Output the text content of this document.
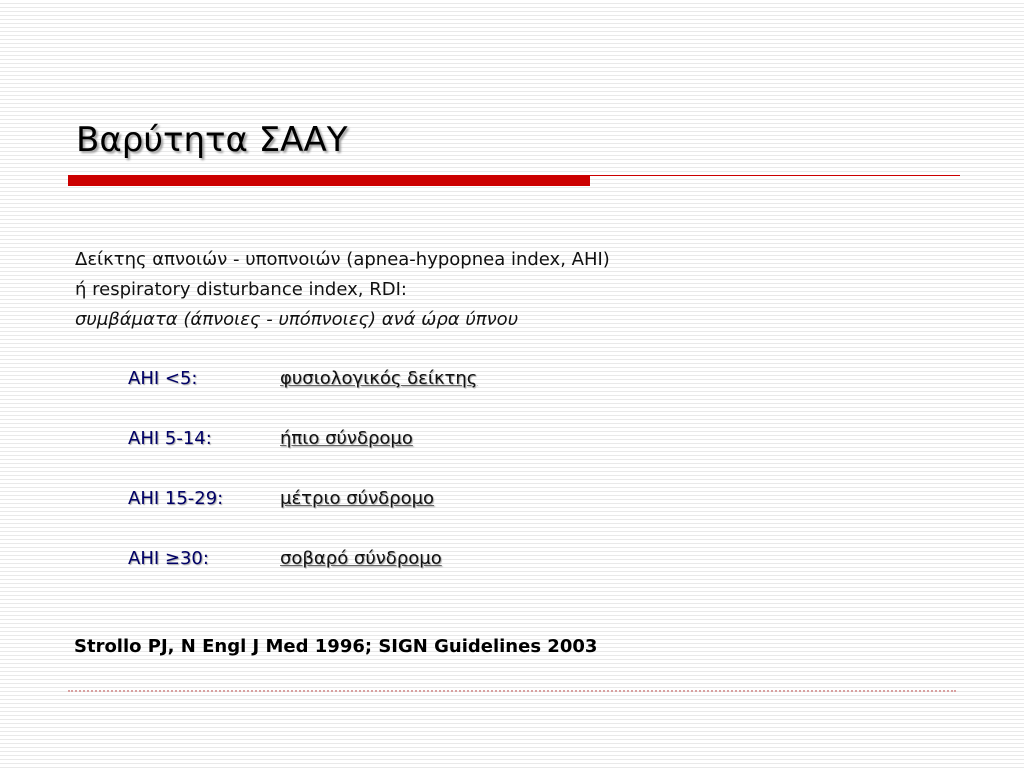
Βαρύτητα ΣΑΑΥ
Δείκτης απνοιών - υποπνοιών (apnea-hypopnea index, AHI)
ή respiratory disturbance index, RDI:
συμβάματα (άπνοιες - υπόπνοιες) ανά ώρα ύπνου
AHI <5:	φυσιολογικός δείκτης
AHI 5-14:	ήπιο σύνδρομο
AHI 15-29:	μέτριο σύνδρομο
AHI ≥30:	σοβαρό σύνδρομο
Strollo PJ, N Engl J Med 1996; SIGN Guidelines 2003
